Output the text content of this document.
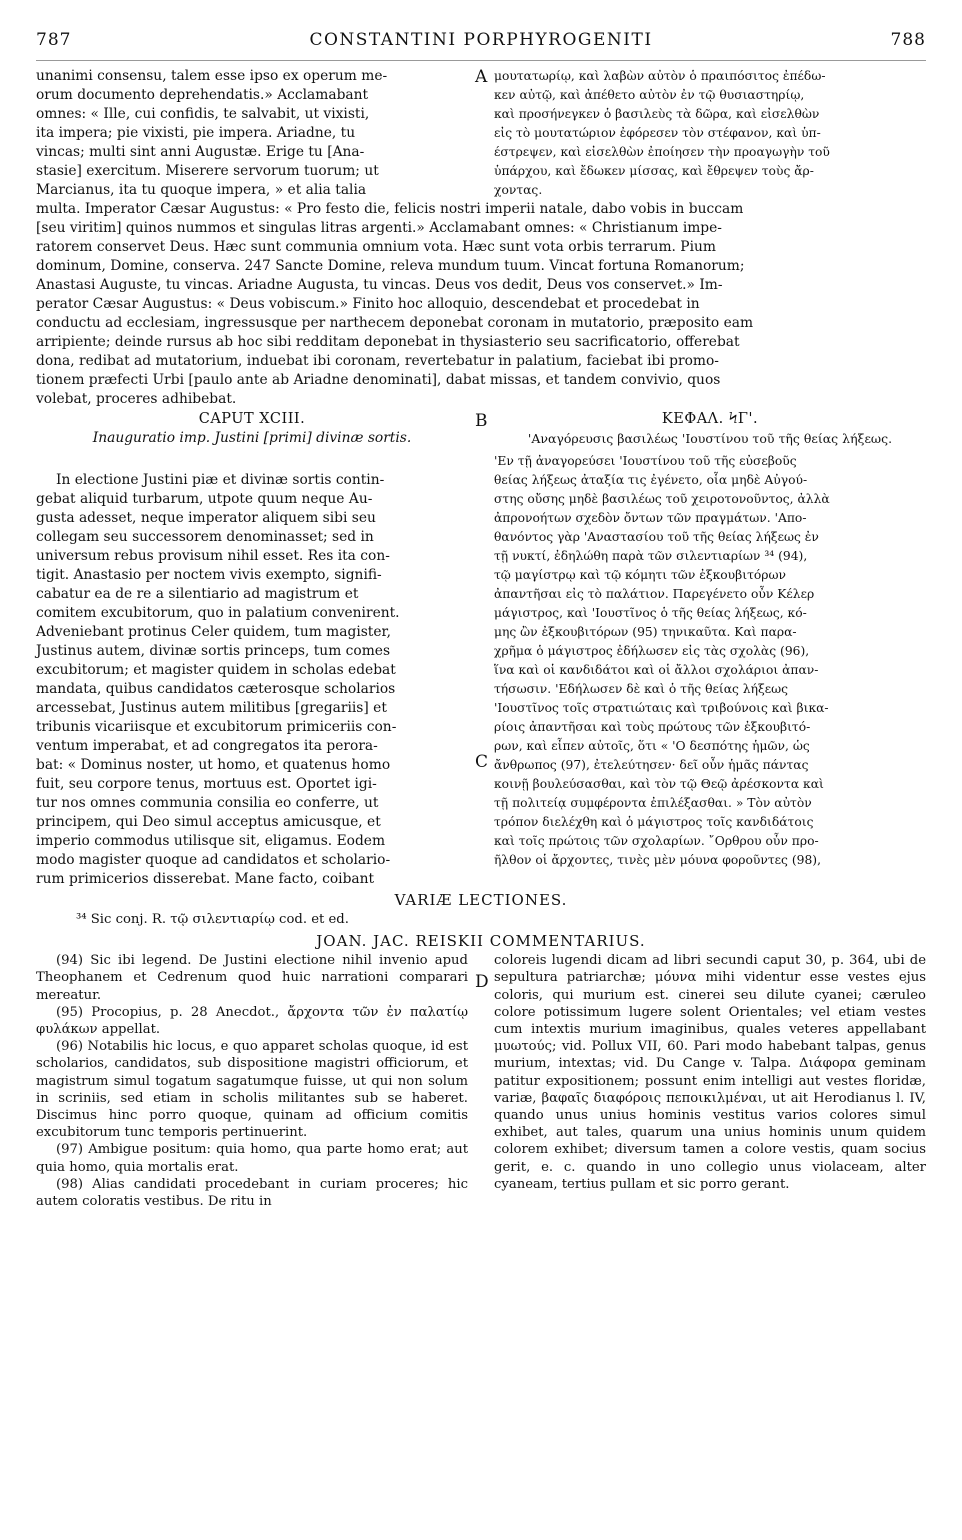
787	CONSTANTINI PORPHYROGENITI	788

unanimi consensu, talem esse ipso ex operum me-

orum documento deprehendatis.» Acclamabant

omnes: « Ille, cui confidis, te salvabit, ut vixisti,

ita impera; pie vixisti, pie impera. Ariadne, tu

vincas; multi sint anni Augustæ. Erige tu [Ana-

stasie] exercitum. Miserere servorum tuorum; ut

Marcianus, ita tu quoque impera, » et alia talia

A μουτατωρίῳ, καὶ λαβὼν αὐτὸν ὁ πραιπόσιτος ἐπέδω-

κεν αὐτῷ, καὶ ἀπέθετο αὐτὸν ἐν τῷ θυσιαστηρίῳ,

καὶ προσήνεγκεν ὁ βασιλεὺς τὰ δῶρα, καὶ εἰσελθὼν

εἰς τὸ μουτατώριον ἐφόρεσεν τὸν στέφανον, καὶ ὑπ-

έστρεψεν, καὶ εἰσελθὼν ἐποίησεν τὴν προαγωγὴν τοῦ

ὑπάρχου, καὶ ἔδωκεν μίσσας, καὶ ἔθρεψεν τοὺς ἄρ-

χοντας.

multa. Imperator Cæsar Augustus: « Pro festo die, felicis nostri imperii natale, dabo vobis in buccam

[seu viritim] quinos nummos et singulas litras argenti.» Acclamabant omnes: « Christianum impe-

ratorem conservet Deus. Hæc sunt communia omnium vota. Hæc sunt vota orbis terrarum. Pium

dominum, Domine, conserva. 247 Sancte Domine, releva mundum tuum. Vincat fortuna Romanorum;

Anastasi Auguste, tu vincas. Ariadne Augusta, tu vincas. Deus vos dedit, Deus vos conservet.» Im-

perator Cæsar Augustus: « Deus vobiscum.» Finito hoc alloquio, descendebat et procedebat in

conductu ad ecclesiam, ingressusque per narthecem deponebat coronam in mutatorio, præposito eam

arripiente; deinde rursus ab hoc sibi redditam deponebat in thysiasterio seu sacrificatorio, offerebat

dona, redibat ad mutatorium, induebat ibi coronam, revertebatur in palatium, faciebat ibi promo-

tionem præfecti Urbi [paulo ante ab Ariadne denominati], dabat missas, et tandem convivio, quos

volebat, proceres adhibebat.

CAPUT XCIII.
Inauguratio imp. Justini [primi] divinæ sortis.
B	ΚΕΦΑΛ. ϞΓ'.
'Αναγόρευσις βασιλέως 'Ιουστίνου τοῦ τῆς θείας λήξεως.

In electione Justini piæ et divinæ sortis contin-

gebat aliquid turbarum, utpote quum neque Au-

gusta adesset, neque imperator aliquem sibi seu

collegam seu successorem denominasset; sed in

universum rebus provisum nihil esset. Res ita con-

tigit. Anastasio per noctem vivis exempto, signifi-

cabatur ea de re a silentiario ad magistrum et

comitem excubitorum, quo in palatium convenirent.

Adveniebant protinus Celer quidem, tum magister,

Justinus autem, divinæ sortis princeps, tum comes

excubitorum; et magister quidem in scholas edebat

mandata, quibus candidatos cæterosque scholarios

arcessebat, Justinus autem militibus [gregariis] et

tribunis vicariisque et excubitorum primiceriis con-

ventum imperabat, et ad congregatos ita perora-

bat: « Dominus noster, ut homo, et quatenus homo

fuit, seu corpore tenus, mortuus est. Oportet igi-

tur nos omnes communia consilia eo conferre, ut

principem, qui Deo simul acceptus amicusque, et

imperio commodus utilisque sit, eligamus. Eodem

modo magister quoque ad candidatos et scholario-

rum primicerios disserebat. Mane facto, coibant

C

'Εν τῇ ἀναγορεύσει 'Ιουστίνου τοῦ τῆς εὐσεβοῦς

θείας λήξεως ἀταξία τις ἐγένετο, οἷα μηδὲ Αὐγού-

στης οὔσης μηδὲ βασιλέως τοῦ χειροτονοῦντος, ἀλλὰ

ἀπρονοήτων σχεδὸν ὄντων τῶν πραγμάτων. 'Απο-

θανόντος γὰρ 'Αναστασίου τοῦ τῆς θείας λήξεως ἐν

τῇ νυκτί, ἐδηλώθη παρὰ τῶν σιλεντιαρίων ³⁴ (94),

τῷ μαγίστρῳ καὶ τῷ κόμητι τῶν ἐξκουβιτόρων

ἀπαντῆσαι εἰς τὸ παλάτιον. Παρεγένετο οὖν Κέλερ

μάγιστρος, καὶ 'Ιουστῖνος ὁ τῆς θείας λήξεως, κό-

μης ὢν ἐξκουβιτόρων (95) τηνικαῦτα. Καὶ παρα-

χρῆμα ὁ μάγιστρος ἐδήλωσεν εἰς τὰς σχολὰς (96),

ἵνα καὶ οἱ κανδιδάτοι καὶ οἱ ἄλλοι σχολάριοι ἀπαν-

τήσωσιν. 'Εδήλωσεν δὲ καὶ ὁ τῆς θείας λήξεως

'Ιουστῖνος τοῖς στρατιώταις καὶ τριβούνοις καὶ βικα-

ρίοις ἀπαντῆσαι καὶ τοὺς πρώτους τῶν ἐξκουβιτό-

ρων, καὶ εἶπεν αὐτοῖς, ὅτι « 'Ο δεσπότης ἡμῶν, ὡς

ἄνθρωπος (97), ἐτελεύτησεν· δεῖ οὖν ἡμᾶς πάντας

κοινῇ βουλεύσασθαι, καὶ τὸν τῷ Θεῷ ἀρέσκοντα καὶ

τῇ πολιτείᾳ συμφέροντα ἐπιλέξασθαι. » Τὸν αὐτὸν

τρόπον διελέχθη καὶ ὁ μάγιστρος τοῖς κανδιδάτοις

καὶ τοῖς πρώτοις τῶν σχολαρίων. ῎Ορθρου οὖν προ-

ῆλθον οἱ ἄρχοντες, τινὲς μὲν μόυνα φοροῦντες (98),

VARIÆ LECTIONES.
³⁴ Sic conj. R. τῷ σιλεντιαρίῳ cod. et ed.
JOAN. JAC. REISKII COMMENTARIUS.

(94) Sic ibi legend. De Justini electione nihil invenio apud Theophanem et Cedrenum quod huic narrationi comparari mereatur.

(95) Procopius, p. 28 Anecdot., ἄρχοντα τῶν ἐν παλατίῳ φυλάκων appellat.

(96) Notabilis hic locus, e quo apparet scholas quoque, id est scholarios, candidatos, sub dispositione magistri officiorum, et magistrum simul togatum sagatumque fuisse, ut qui non solum in scriniis, sed etiam in scholis militantes sub se haberet. Discimus hinc porro quoque, quinam ad officium comitis excubitorum tunc temporis pertinuerint.

(97) Ambigue positum: quia homo, qua parte homo erat; aut quia homo, quia mortalis erat.

(98) Alias candidati procedebant in curiam proceres; hic autem coloratis vestibus. De ritu in

D

coloreis lugendi dicam ad libri secundi caput 30, p. 364, ubi de sepultura patriarchæ; μόυνα mihi videntur esse vestes ejus coloris, qui murium est. cinerei seu dilute cyanei; cæruleo colore potissimum lugere solent Orientales; vel etiam vestes cum intextis murium imaginibus, quales veteres appellabant μυωτούς; vid. Pollux VII, 60. Pari modo habebant talpas, genus murium, intextas; vid. Du Cange v. Talpa. Διάφορα geminam patitur expositionem; possunt enim intelligi aut vestes floridæ, variæ, βαφαῖς διαφόροις πεποικιλμέναι, ut ait Herodianus l. IV, quando unus unius hominis vestitus varios colores simul exhibet, aut tales, quarum una unius hominis unum quidem colorem exhibet; diversum tamen a colore vestis, quam socius gerit, e. c. quando in uno collegio unus violaceam, alter cyaneam, tertius pullam et sic porro gerant.
